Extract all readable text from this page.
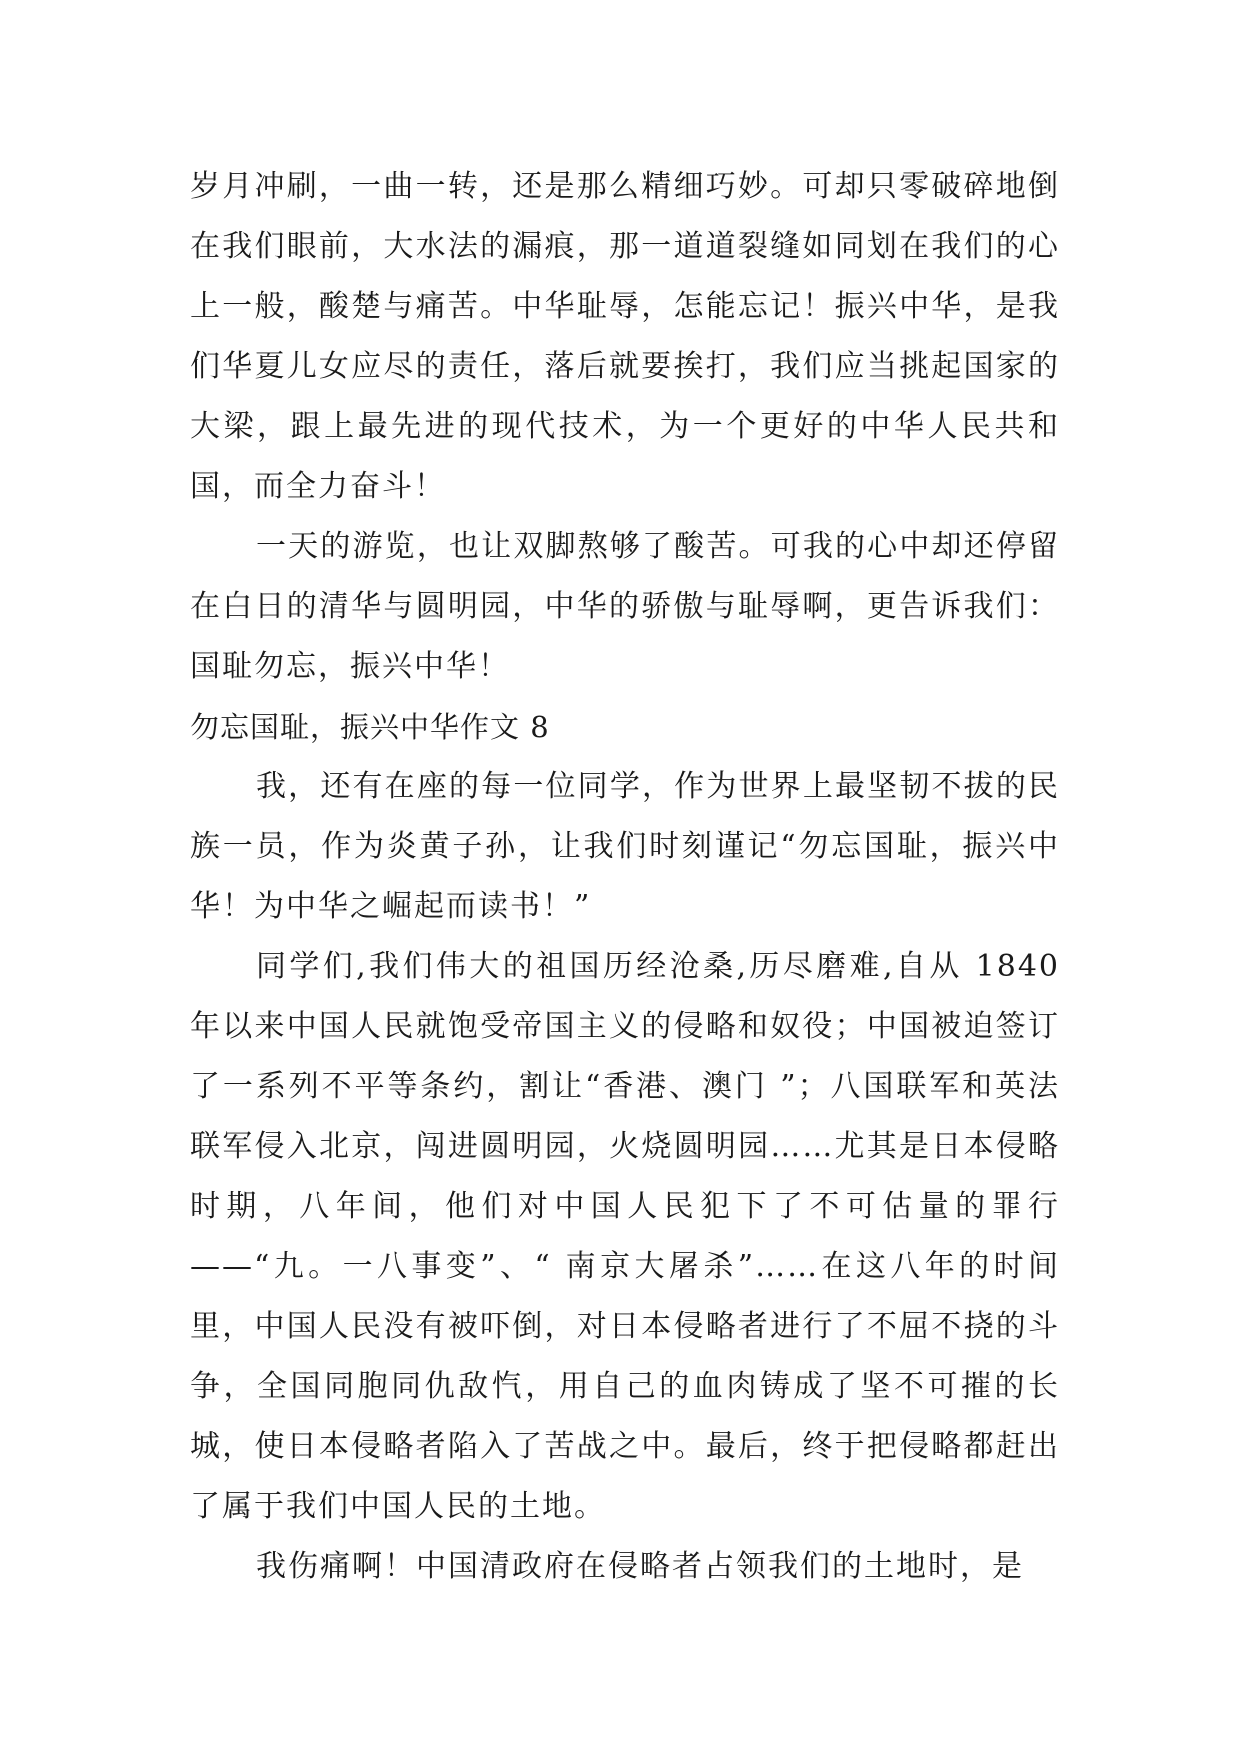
岁月冲刷，一曲一转，还是那么精细巧妙。可却只零破碎地倒在我们眼前，大水法的漏痕，那一道道裂缝如同划在我们的心上一般，酸楚与痛苦。中华耻辱，怎能忘记！振兴中华，是我们华夏儿女应尽的责任，落后就要挨打，我们应当挑起国家的大梁，跟上最先进的现代技术，为一个更好的中华人民共和国，而全力奋斗！

一天的游览，也让双脚熬够了酸苦。可我的心中却还停留在白日的清华与圆明园，中华的骄傲与耻辱啊，更告诉我们：国耻勿忘，振兴中华！

勿忘国耻，振兴中华作文 8

我，还有在座的每一位同学，作为世界上最坚韧不拔的民族一员，作为炎黄子孙，让我们时刻谨记“勿忘国耻，振兴中华！为中华之崛起而读书！”

同学们,我们伟大的祖国历经沧桑,历尽磨难,自从 1840 年以来中国人民就饱受帝国主义的侵略和奴役；中国被迫签订了一系列不平等条约，割让“香港、澳门 ”；八国联军和英法联军侵入北京，闯进圆明园，火烧圆明园……尤其是日本侵略时期，八年间，他们对中国人民犯下了不可估量的罪行——“九。一八事变”、“ 南京大屠杀”……在这八年的时间里，中国人民没有被吓倒，对日本侵略者进行了不屈不挠的斗争，全国同胞同仇敌忾，用自己的血肉铸成了坚不可摧的长城，使日本侵略者陷入了苦战之中。最后，终于把侵略都赶出了属于我们中国人民的土地。

我伤痛啊！中国清政府在侵略者占领我们的土地时，是
